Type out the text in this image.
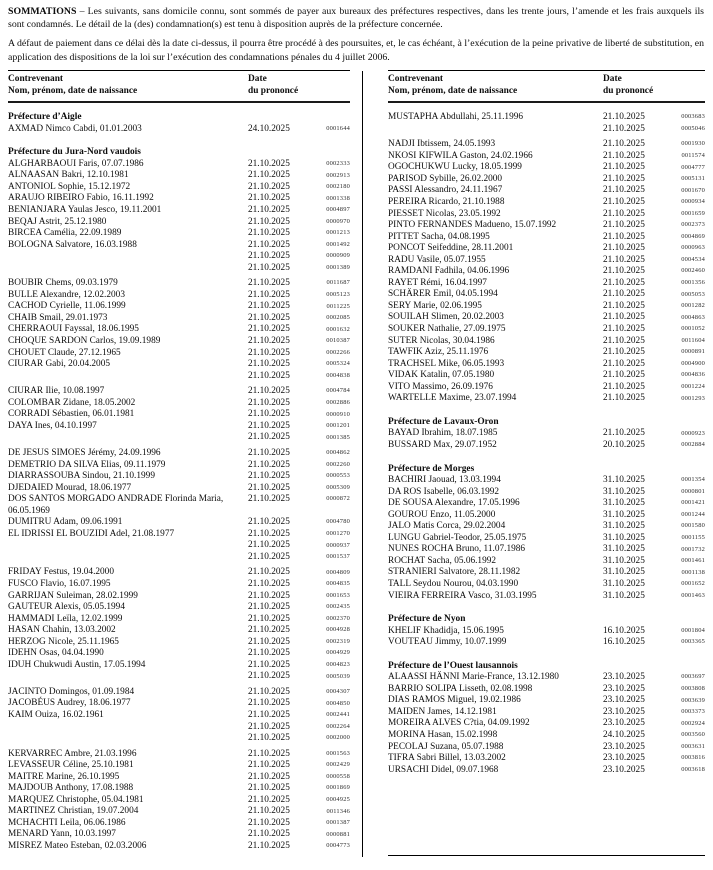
SOMMATIONS – Les suivants, sans domicile connu, sont sommés de payer aux bureaux des préfectures respectives, dans les trente jours, l’amende et les frais auxquels ils sont condamnés. Le détail de la (des) condamnation(s) est tenu à disposition auprès de la préfecture concernée.

A défaut de paiement dans ce délai dès la date ci-dessus, il pourra être procédé à des poursuites, et, le cas échéant, à l’exécution de la peine privative de liberté de substitution, en application des dispositions de la loi sur l’exécution des condamnations pénales du 4 juillet 2006.

Contrevenant
Nom, prénom, date de naissance
Date
du prononcé
Préfecture d’Aigle
AXMAD Nimco Cabdi, 01.01.2003	24.10.2025	0001644
Préfecture du Jura-Nord vaudois
ALGHARBAOUI Faris, 07.07.1986	21.10.2025	0002333
ALNAASAN Bakri, 12.10.1981	21.10.2025	0002913
ANTONIOL Sophie, 15.12.1972	21.10.2025	0002180
ARAUJO RIBEIRO Fabio, 16.11.1992	21.10.2025	0001338
BENIANJARA Yaulas Jesco, 19.11.2001	21.10.2025	0004897
BEQAJ Astrit, 25.12.1980	21.10.2025	0000970
BIRCEA Camélia, 22.09.1989	21.10.2025	0001213
BOLOGNA Salvatore, 16.03.1988	21.10.2025	0001492
21.10.2025	0000909
21.10.2025	0001389
BOUBIR Chems, 09.03.1979	21.10.2025	0011687
BULLE Alexandre, 12.02.2003	21.10.2025	0005123
CACHOD Cyrielle, 11.06.1999	21.10.2025	0011225
CHAIB Smail, 29.01.1973	21.10.2025	0002085
CHERRAOUI Fayssal, 18.06.1995	21.10.2025	0001632
CHOQUE SARDON Carlos, 19.09.1989	21.10.2025	0010387
CHOUET Claude, 27.12.1965	21.10.2025	0002266
CIURAR Gabi, 20.04.2005	21.10.2025	0005324
21.10.2025	0004838
CIURAR Ilie, 10.08.1997	21.10.2025	0004784
COLOMBAR Zidane, 18.05.2002	21.10.2025	0002886
CORRADI Sébastien, 06.01.1981	21.10.2025	0000910
DAYA Ines, 04.10.1997	21.10.2025	0001201
21.10.2025	0001385
DE JESUS SIMOES Jérémy, 24.09.1996	21.10.2025	0004862
DEMETRIO DA SILVA Elias, 09.11.1979	21.10.2025	0002260
DIARRASSOUBA Sindou, 21.10.1999	21.10.2025	0000553
DJEDAIED Mourad, 18.06.1977	21.10.2025	0005309
DOS SANTOS MORGADO ANDRADE Florinda Maria, 06.05.1969
21.10.2025	0000872
DUMITRU Adam, 09.06.1991	21.10.2025	0004780
EL IDRISSI EL BOUZIDI Adel, 21.08.1977	21.10.2025	0001270
21.10.2025	0000937
21.10.2025	0001537
FRIDAY Festus, 19.04.2000	21.10.2025	0004809
FUSCO Flavio, 16.07.1995	21.10.2025	0004835
GARRIJAN Suleiman, 28.02.1999	21.10.2025	0001653
GAUTEUR Alexis, 05.05.1994	21.10.2025	0002435
HAMMADI Leïla, 12.02.1999	21.10.2025	0002370
HASAN Chahin, 13.03.2002	21.10.2025	0004928
HERZOG Nicole, 25.11.1965	21.10.2025	0002319
IDEHN Osas, 04.04.1990	21.10.2025	0004929
IDUH Chukwudi Austin, 17.05.1994	21.10.2025	0004823
21.10.2025	0005039
JACINTO Domingos, 01.09.1984	21.10.2025	0004307
JACOBÉUS Audrey, 18.06.1977	21.10.2025	0004850
KAIM Ouiza, 16.02.1961	21.10.2025	0002441
21.10.2025	0002264
21.10.2025	0002000
KERVARREC Ambre, 21.03.1996	21.10.2025	0001563
LEVASSEUR Céline, 25.10.1981	21.10.2025	0002429
MAITRE Marine, 26.10.1995	21.10.2025	0000558
MAJDOUB Anthony, 17.08.1988	21.10.2025	0001869
MARQUEZ Christophe, 05.04.1981	21.10.2025	0004925
MARTINEZ Christian, 19.07.2004	21.10.2025	0011346
MCHACHTI Leila, 06.06.1986	21.10.2025	0001387
MENARD Yann, 10.03.1997	21.10.2025	0000881
MISREZ Mateo Esteban, 02.03.2006	21.10.2025	0004773
Contrevenant
Nom, prénom, date de naissance
Date
du prononcé
MUSTAPHA Abdullahi, 25.11.1996	21.10.2025	0003683
21.10.2025	0005046
NADJI Ibtissem, 24.05.1993	21.10.2025	0001930
NKOSI KIFWILA Gaston, 24.02.1966	21.10.2025	0011574
OGOCHUKWU Lucky, 18.05.1999	21.10.2025	0004777
PARISOD Sybille, 26.02.2000	21.10.2025	0005131
PASSI Alessandro, 24.11.1967	21.10.2025	0001670
PEREIRA Ricardo, 21.10.1988	21.10.2025	0000934
PIESSET Nicolas, 23.05.1992	21.10.2025	0001659
PINTO FERNANDES Madueno, 15.07.1992	21.10.2025	0002373
PITTET Sacha, 04.08.1995	21.10.2025	0004869
PONCOT Seifeddine, 28.11.2001	21.10.2025	0000963
RADU Vasile, 05.07.1955	21.10.2025	0004534
RAMDANI Fadhila, 04.06.1996	21.10.2025	0002460
RAYET Rémi, 16.04.1997	21.10.2025	0001356
SCHÄRER Emil, 04.05.1994	21.10.2025	0005053
SERY Marie, 02.06.1995	21.10.2025	0001282
SOUILAH Slimen, 20.02.2003	21.10.2025	0004863
SOUKER Nathalie, 27.09.1975	21.10.2025	0001052
SUTER Nicolas, 30.04.1986	21.10.2025	0011604
TAWFIK Aziz, 25.11.1976	21.10.2025	0000891
TRACHSEL Mike, 06.05.1993	21.10.2025	0004900
VIDAK Katalin, 07.05.1980	21.10.2025	0004836
VITO Massimo, 26.09.1976	21.10.2025	0001224
WARTELLE Maxime, 23.07.1994	21.10.2025	0001293
Préfecture de Lavaux-Oron
BAYAD Ibrahim, 18.07.1985	21.10.2025	0000923
BUSSARD Max, 29.07.1952	20.10.2025	0002884
Préfecture de Morges
BACHIRI Jaouad, 13.03.1994	31.10.2025	0001354
DA ROS Isabelle, 06.03.1992	31.10.2025	0000801
DE SOUSA Alexandre, 17.05.1996	31.10.2025	0001421
GOUROU Enzo, 11.05.2000	31.10.2025	0001244
JALO Matis Corca, 29.02.2004	31.10.2025	0001580
LUNGU Gabriel-Teodor, 25.05.1975	31.10.2025	0001155
NUNES ROCHA Bruno, 11.07.1986	31.10.2025	0001732
ROCHAT Sacha, 05.06.1992	31.10.2025	0001461
STRANIERI Salvatore, 28.11.1982	31.10.2025	0001138
TALL Seydou Nourou, 04.03.1990	31.10.2025	0001652
VIEIRA FERREIRA Vasco, 31.03.1995	31.10.2025	0001463
Préfecture de Nyon
KHELIF Khadidja, 15.06.1995	16.10.2025	0001804
VOUTEAU Jimmy, 10.07.1999	16.10.2025	0003365
Préfecture de l’Ouest lausannois
ALAASSI HÄNNI Marie-France, 13.12.1980	23.10.2025	0003697
BARRIO SOLIPA Lisseth, 02.08.1998	23.10.2025	0003808
DIAS RAMOS Miguel, 19.02.1986	23.10.2025	0003639
MAIDEN James, 14.12.1981	23.10.2025	0003373
MOREIRA ALVES C?tia, 04.09.1992	23.10.2025	0002924
MORINA Hasan, 15.02.1998	24.10.2025	0003560
PECOLAJ Suzana, 05.07.1988	23.10.2025	0003631
TIFRA Sabri Billel, 13.03.2002	23.10.2025	0003816
URSACHI Didel, 09.07.1968	23.10.2025	0003618
